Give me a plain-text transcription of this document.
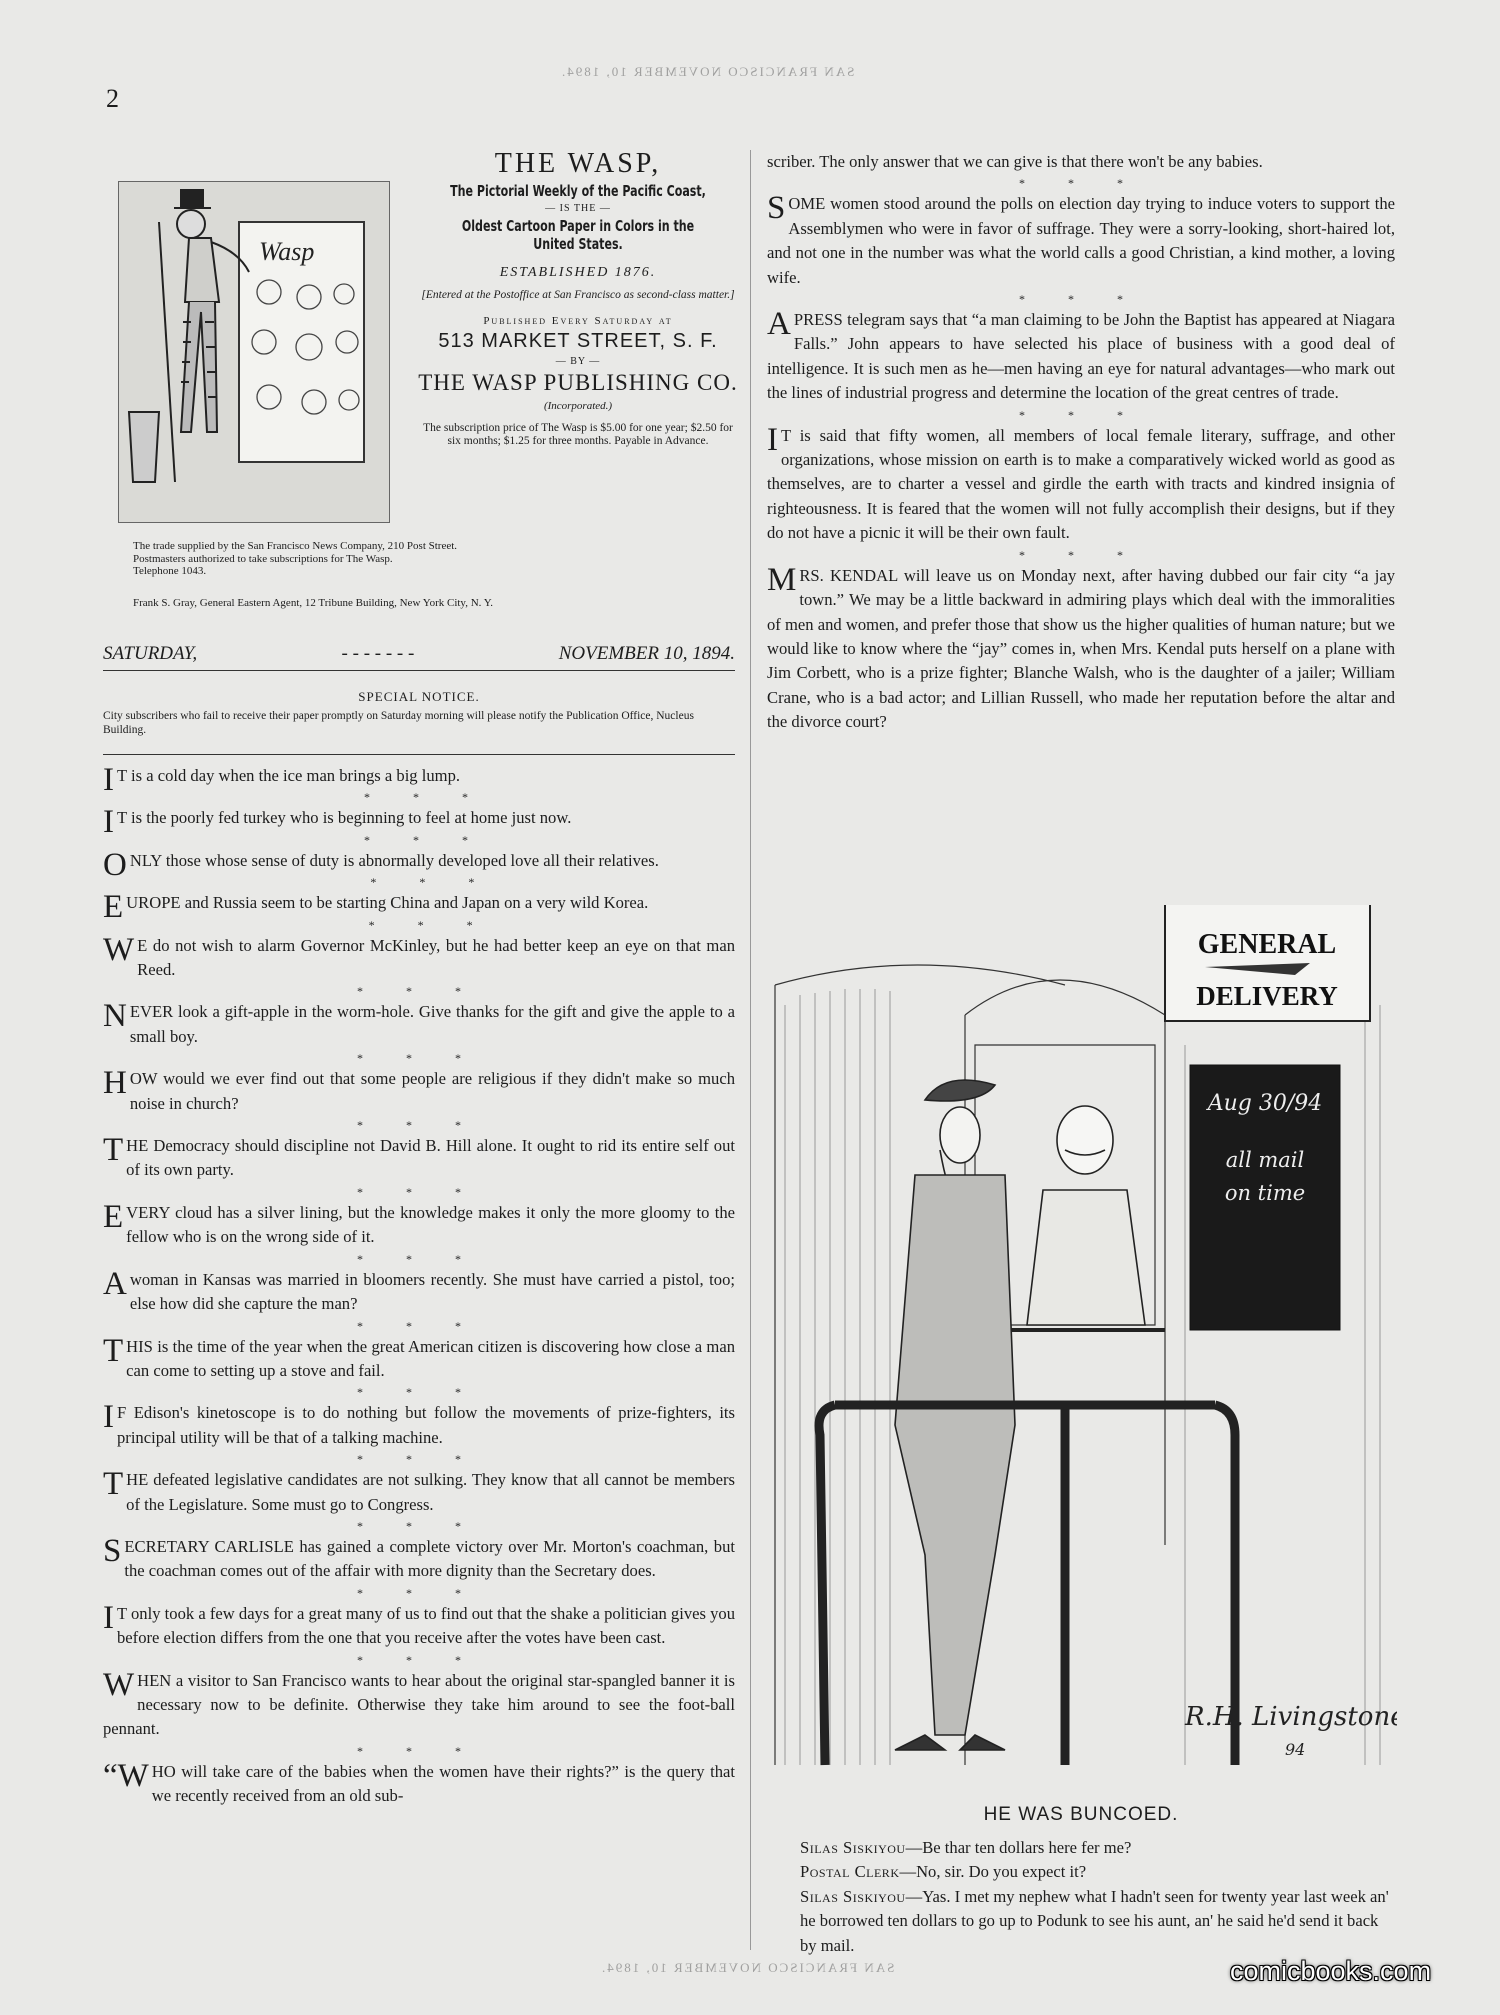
2
SAN FRANCISCO NOVEMBER 10, 1894.
Wasp
THE WASP,
The Pictorial Weekly of the Pacific Coast,
— IS THE —
Oldest Cartoon Paper in Colors in the United States.
ESTABLISHED 1876.
[Entered at the Postoffice at San Francisco as second-class matter.]
Published Every Saturday at
513 MARKET STREET, S. F.
— BY —
THE WASP PUBLISHING CO.
(Incorporated.)
The subscription price of The Wasp is $5.00 for one year; $2.50 for six months; $1.25 for three months. Payable in Advance.
The trade supplied by the San Francisco News Company, 210 Post Street.
Postmasters authorized to take subscriptions for The Wasp.
Telephone 1043.
Frank S. Gray, General Eastern Agent, 12 Tribune Building, New York City, N. Y.
SATURDAY,	- - - - - - -	NOVEMBER 10, 1894.
SPECIAL NOTICE.
City subscribers who fail to receive their paper promptly on Saturday morning will please notify the Publication Office, Nucleus Building.

I T is a cold day when the ice man brings a big lump.

* * *

I T is the poorly fed turkey who is beginning to feel at home just now.

* * *

ONLY those whose sense of duty is abnormally developed love all their relatives.

* * *

EUROPE and Russia seem to be starting China and Japan on a very wild Korea.

* * *

W E do not wish to alarm Governor McKinley, but he had better keep an eye on that man Reed.

* * *

NEVER look a gift-apple in the worm-hole. Give thanks for the gift and give the apple to a small boy.

* * *

HOW would we ever find out that some people are religious if they didn't make so much noise in church?

* * *

THE Democracy should discipline not David B. Hill alone. It ought to rid its entire self out of its own party.

* * *

EVERY cloud has a silver lining, but the knowledge makes it only the more gloomy to the fellow who is on the wrong side of it.

* * *

Awoman in Kansas was married in bloomers recently. She must have carried a pistol, too; else how did she capture the man?

* * *

THIS is the time of the year when the great American citizen is discovering how close a man can come to setting up a stove and fail.

* * *

I F Edison's kinetoscope is to do nothing but follow the movements of prize-fighters, its principal utility will be that of a talking machine.

* * *

THE defeated legislative candidates are not sulking. They know that all cannot be members of the Legislature. Some must go to Congress.

* * *

SECRETARY CARLISLE has gained a complete victory over Mr. Morton's coachman, but the coachman comes out of the affair with more dignity than the Secretary does.

* * *

I T only took a few days for a great many of us to find out that the shake a politician gives you before election differs from the one that you receive after the votes have been cast.

* * *

WHEN a visitor to San Francisco wants to hear about the original star-spangled banner it is necessary now to be definite. Otherwise they take him around to see the foot-ball pennant.

* * *

“WHO will take care of the babies when the women have their rights?” is the query that we recently received from an old sub-

scriber. The only answer that we can give is that there won't be any babies.

* * *

SOME women stood around the polls on election day trying to induce voters to support the Assemblymen who were in favor of suffrage. They were a sorry-looking, short-haired lot, and not one in the number was what the world calls a good Christian, a kind mother, a loving wife.

* * *

APRESS telegram says that “a man claiming to be John the Baptist has appeared at Niagara Falls.” John appears to have selected his place of business with a good deal of intelligence. It is such men as he—men having an eye for natural advantages—who mark out the lines of industrial progress and determine the location of the great centres of trade.

* * *

I T is said that fifty women, all members of local female literary, suffrage, and other organizations, whose mission on earth is to make a comparatively wicked world as good as themselves, are to charter a vessel and girdle the earth with tracts and kindred insignia of righteousness. It is feared that the women will not fully accomplish their designs, but if they do not have a picnic it will be their own fault.

* * *

MRS. KENDAL will leave us on Monday next, after having dubbed our fair city “a jay town.” We may be a little backward in admiring plays which deal with the immoralities of men and women, and prefer those that show us the higher qualities of human nature; but we would like to know where the “jay” comes in, when Mrs. Kendal puts herself on a plane with Jim Corbett, who is a prize fighter; Blanche Walsh, who is the daughter of a jailer; William Crane, who is a bad actor; and Lillian Russell, who made her reputation before the altar and the divorce court?

GENERAL
DELIVERY
Aug 30/94
all mail
on time
R.H. Livingstone
94
HE WAS BUNCOED.
Silas Siskiyou—Be thar ten dollars here fer me?
Postal Clerk—No, sir. Do you expect it?
Silas Siskiyou—Yas. I met my nephew what I hadn't seen for twenty year last week an' he borrowed ten dollars to go up to Podunk to see his aunt, an' he said he'd send it back by mail.
SAN FRANCISCO NOVEMBER 10, 1894.	comicbooks.com
